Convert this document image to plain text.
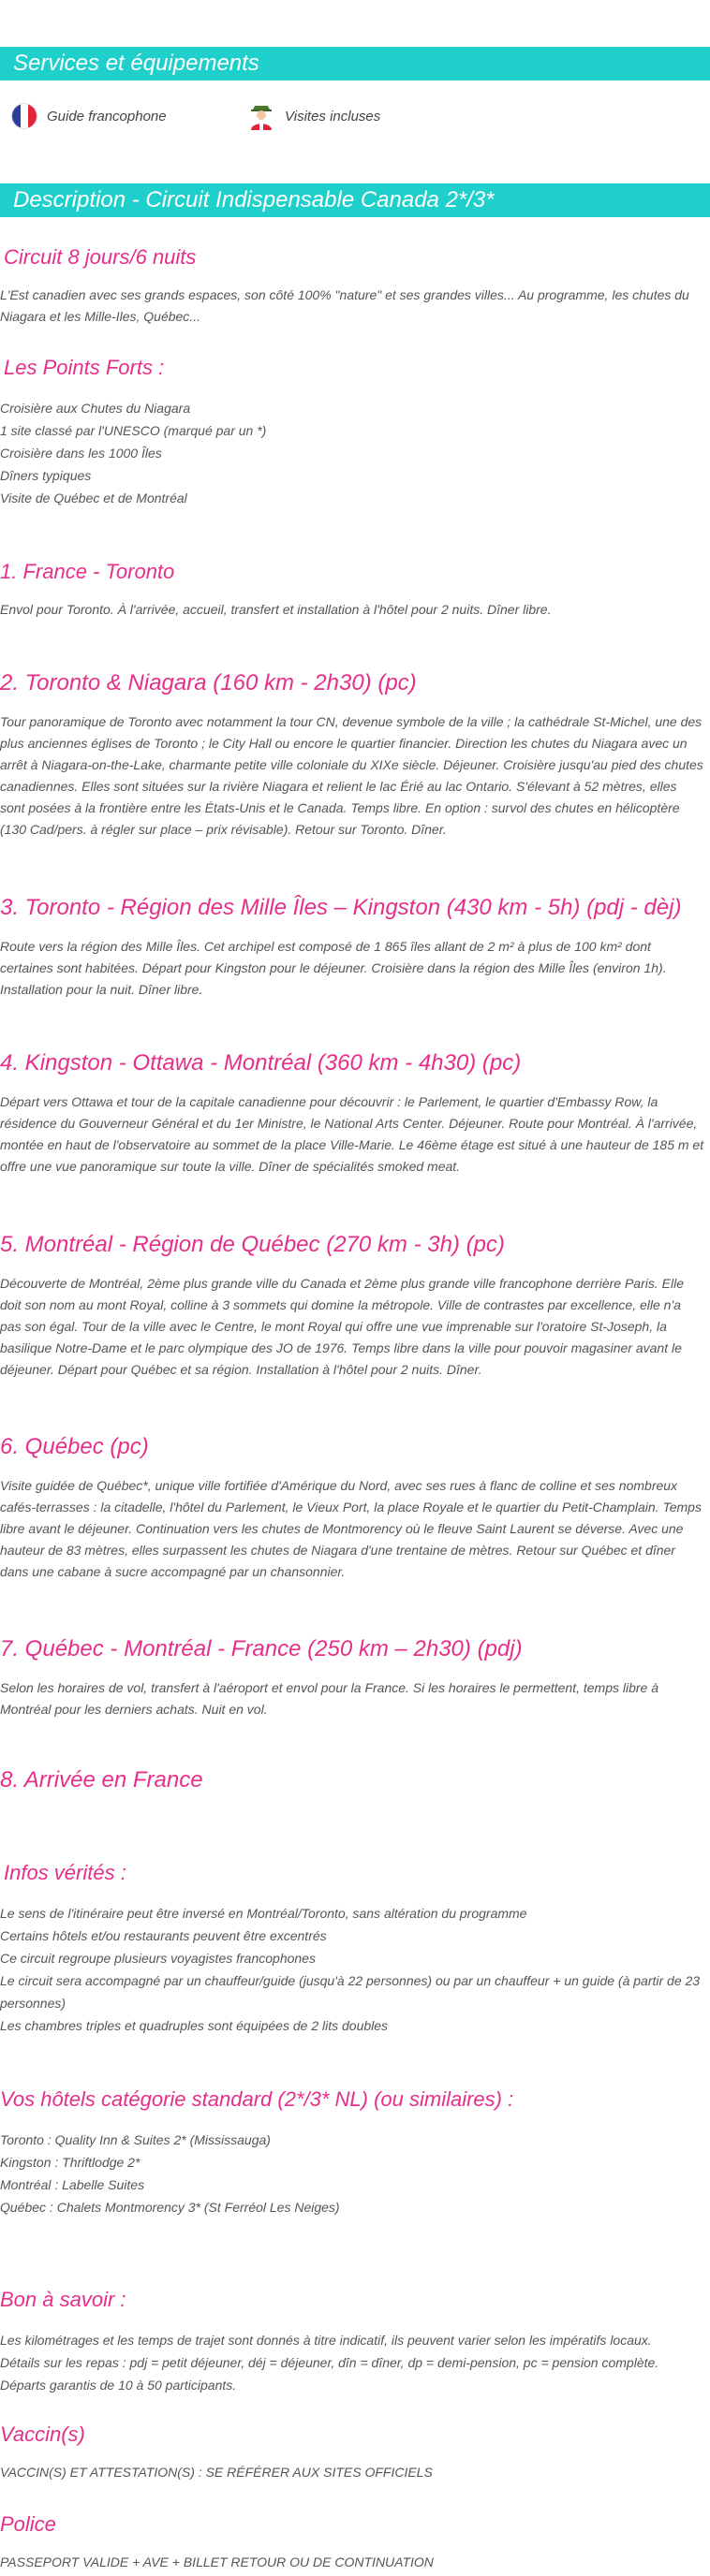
Services et équipements
Guide francophone	Visites incluses
Description - Circuit Indispensable Canada 2*/3*
Circuit 8 jours/6 nuits
L'Est canadien avec ses grands espaces, son côté 100% "nature" et ses grandes villes... Au programme, les chutes du Niagara et les Mille-Iles, Québec...
Les Points Forts :
Croisière aux Chutes du Niagara
1 site classé par l'UNESCO (marqué par un *)
Croisière dans les 1000 Îles
Dîners typiques
Visite de Québec et de Montréal
1. France - Toronto
Envol pour Toronto. À l'arrivée, accueil, transfert et installation à l'hôtel pour 2 nuits. Dîner libre.
2. Toronto & Niagara (160 km - 2h30) (pc)
Tour panoramique de Toronto avec notamment la tour CN, devenue symbole de la ville ; la cathédrale St-Michel, une des plus anciennes églises de Toronto ; le City Hall ou encore le quartier financier. Direction les chutes du Niagara avec un arrêt à Niagara-on-the-Lake, charmante petite ville coloniale du XIXe siècle. Déjeuner. Croisière jusqu'au pied des chutes canadiennes. Elles sont situées sur la rivière Niagara et relient le lac Érié au lac Ontario. S'élevant à 52 mètres, elles sont posées à la frontière entre les États-Unis et le Canada. Temps libre. En option : survol des chutes en hélicoptère (130 Cad/pers. à régler sur place – prix révisable). Retour sur Toronto. Dîner.
3. Toronto - Région des Mille Îles – Kingston (430 km - 5h) (pdj - dèj)
Route vers la région des Mille Îles. Cet archipel est composé de 1 865 îles allant de 2 m² à plus de 100 km² dont certaines sont habitées. Départ pour Kingston pour le déjeuner. Croisière dans la région des Mille Îles (environ 1h). Installation pour la nuit. Dîner libre.
4. Kingston - Ottawa - Montréal (360 km - 4h30) (pc)
Départ vers Ottawa et tour de la capitale canadienne pour découvrir : le Parlement, le quartier d'Embassy Row, la résidence du Gouverneur Général et du 1er Ministre, le National Arts Center. Déjeuner. Route pour Montréal. À l'arrivée, montée en haut de l'observatoire au sommet de la place Ville-Marie. Le 46ème étage est situé à une hauteur de 185 m et offre une vue panoramique sur toute la ville. Dîner de spécialités smoked meat.
5. Montréal - Région de Québec (270 km - 3h) (pc)
Découverte de Montréal, 2ème plus grande ville du Canada et 2ème plus grande ville francophone derrière Paris. Elle doit son nom au mont Royal, colline à 3 sommets qui domine la métropole. Ville de contrastes par excellence, elle n'a pas son égal. Tour de la ville avec le Centre, le mont Royal qui offre une vue imprenable sur l'oratoire St-Joseph, la basilique Notre-Dame et le parc olympique des JO de 1976. Temps libre dans la ville pour pouvoir magasiner avant le déjeuner. Départ pour Québec et sa région. Installation à l'hôtel pour 2 nuits. Dîner.
6. Québec (pc)
Visite guidée de Québec*, unique ville fortifiée d'Amérique du Nord, avec ses rues à flanc de colline et ses nombreux cafés-terrasses : la citadelle, l'hôtel du Parlement, le Vieux Port, la place Royale et le quartier du Petit-Champlain. Temps libre avant le déjeuner. Continuation vers les chutes de Montmorency où le fleuve Saint Laurent se déverse. Avec une hauteur de 83 mètres, elles surpassent les chutes de Niagara d'une trentaine de mètres. Retour sur Québec et dîner dans une cabane à sucre accompagné par un chansonnier.
7. Québec - Montréal - France (250 km – 2h30) (pdj)
Selon les horaires de vol, transfert à l'aéroport et envol pour la France. Si les horaires le permettent, temps libre à Montréal pour les derniers achats. Nuit en vol.
8. Arrivée en France
Infos vérités :
Le sens de l'itinéraire peut être inversé en Montréal/Toronto, sans altération du programme
Certains hôtels et/ou restaurants peuvent être excentrés
Ce circuit regroupe plusieurs voyagistes francophones
Le circuit sera accompagné par un chauffeur/guide (jusqu'à 22 personnes) ou par un chauffeur + un guide (à partir de 23 personnes)
Les chambres triples et quadruples sont équipées de 2 lits doubles
Vos hôtels catégorie standard (2*/3* NL) (ou similaires) :
Toronto : Quality Inn & Suites 2* (Mississauga)
Kingston : Thriftlodge 2*
Montréal : Labelle Suites
Québec : Chalets Montmorency 3* (St Ferréol Les Neiges)
Bon à savoir :
Les kilométrages et les temps de trajet sont donnés à titre indicatif, ils peuvent varier selon les impératifs locaux.
Détails sur les repas : pdj = petit déjeuner, déj = déjeuner, dîn = dîner, dp = demi-pension, pc = pension complète.
Départs garantis de 10 à 50 participants.
Vaccin(s)
VACCIN(S) ET ATTESTATION(S) : SE RÉFÉRER AUX SITES OFFICIELS
Police
PASSEPORT VALIDE + AVE + BILLET RETOUR OU DE CONTINUATION
